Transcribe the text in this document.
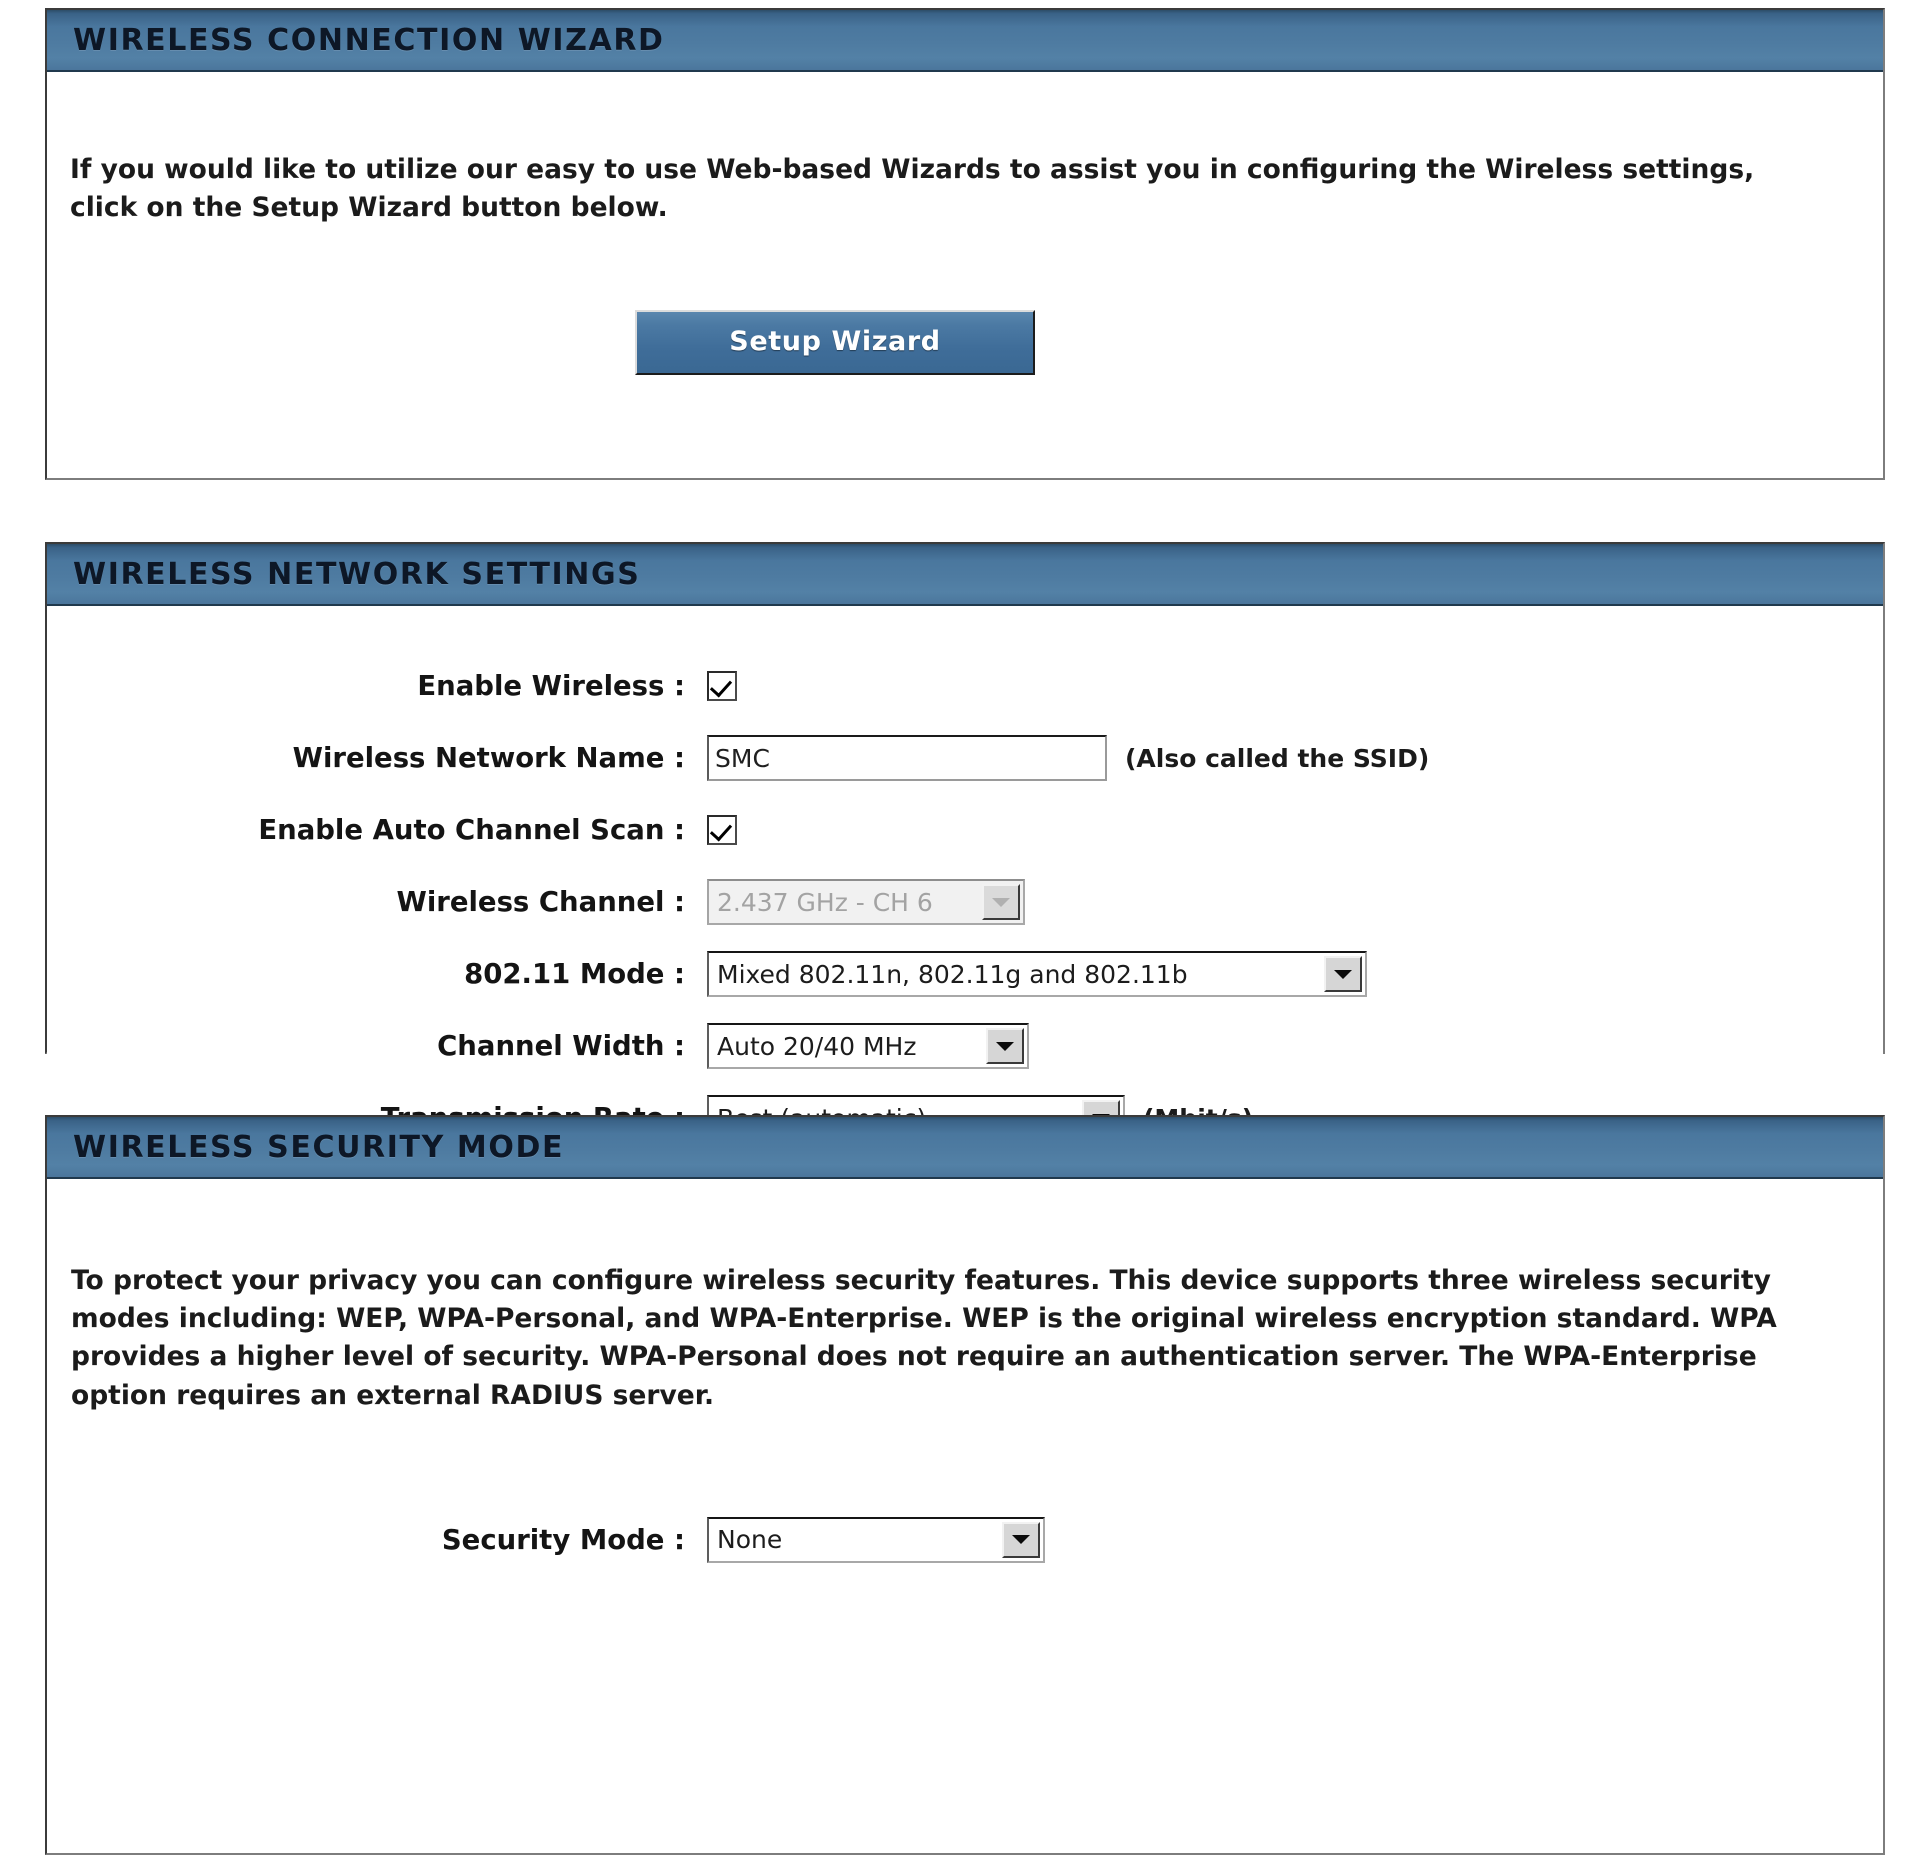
WIRELESS CONNECTION WIZARD

If you would like to utilize our easy to use Web-based Wizards to assist you in configuring the Wireless settings, click on the Setup Wizard button below.

Setup Wizard
WIRELESS NETWORK SETTINGS
Enable Wireless :
Wireless Network Name :
SMC	(Also called the SSID)
Enable Auto Channel Scan :
Wireless Channel :	2.437 GHz - CH 6
802.11 Mode :	Mixed 802.11n, 802.11g and 802.11b
Channel Width :	Auto 20/40 MHz
WIRELESS SECURITY MODE

To protect your privacy you can configure wireless security features. This device supports three wireless security modes including: WEP, WPA-Personal, and WPA-Enterprise. WEP is the original wireless encryption standard. WPA provides a higher level of security. WPA-Personal does not require an authentication server. The WPA-Enterprise option requires an external RADIUS server.

Security Mode :	None
